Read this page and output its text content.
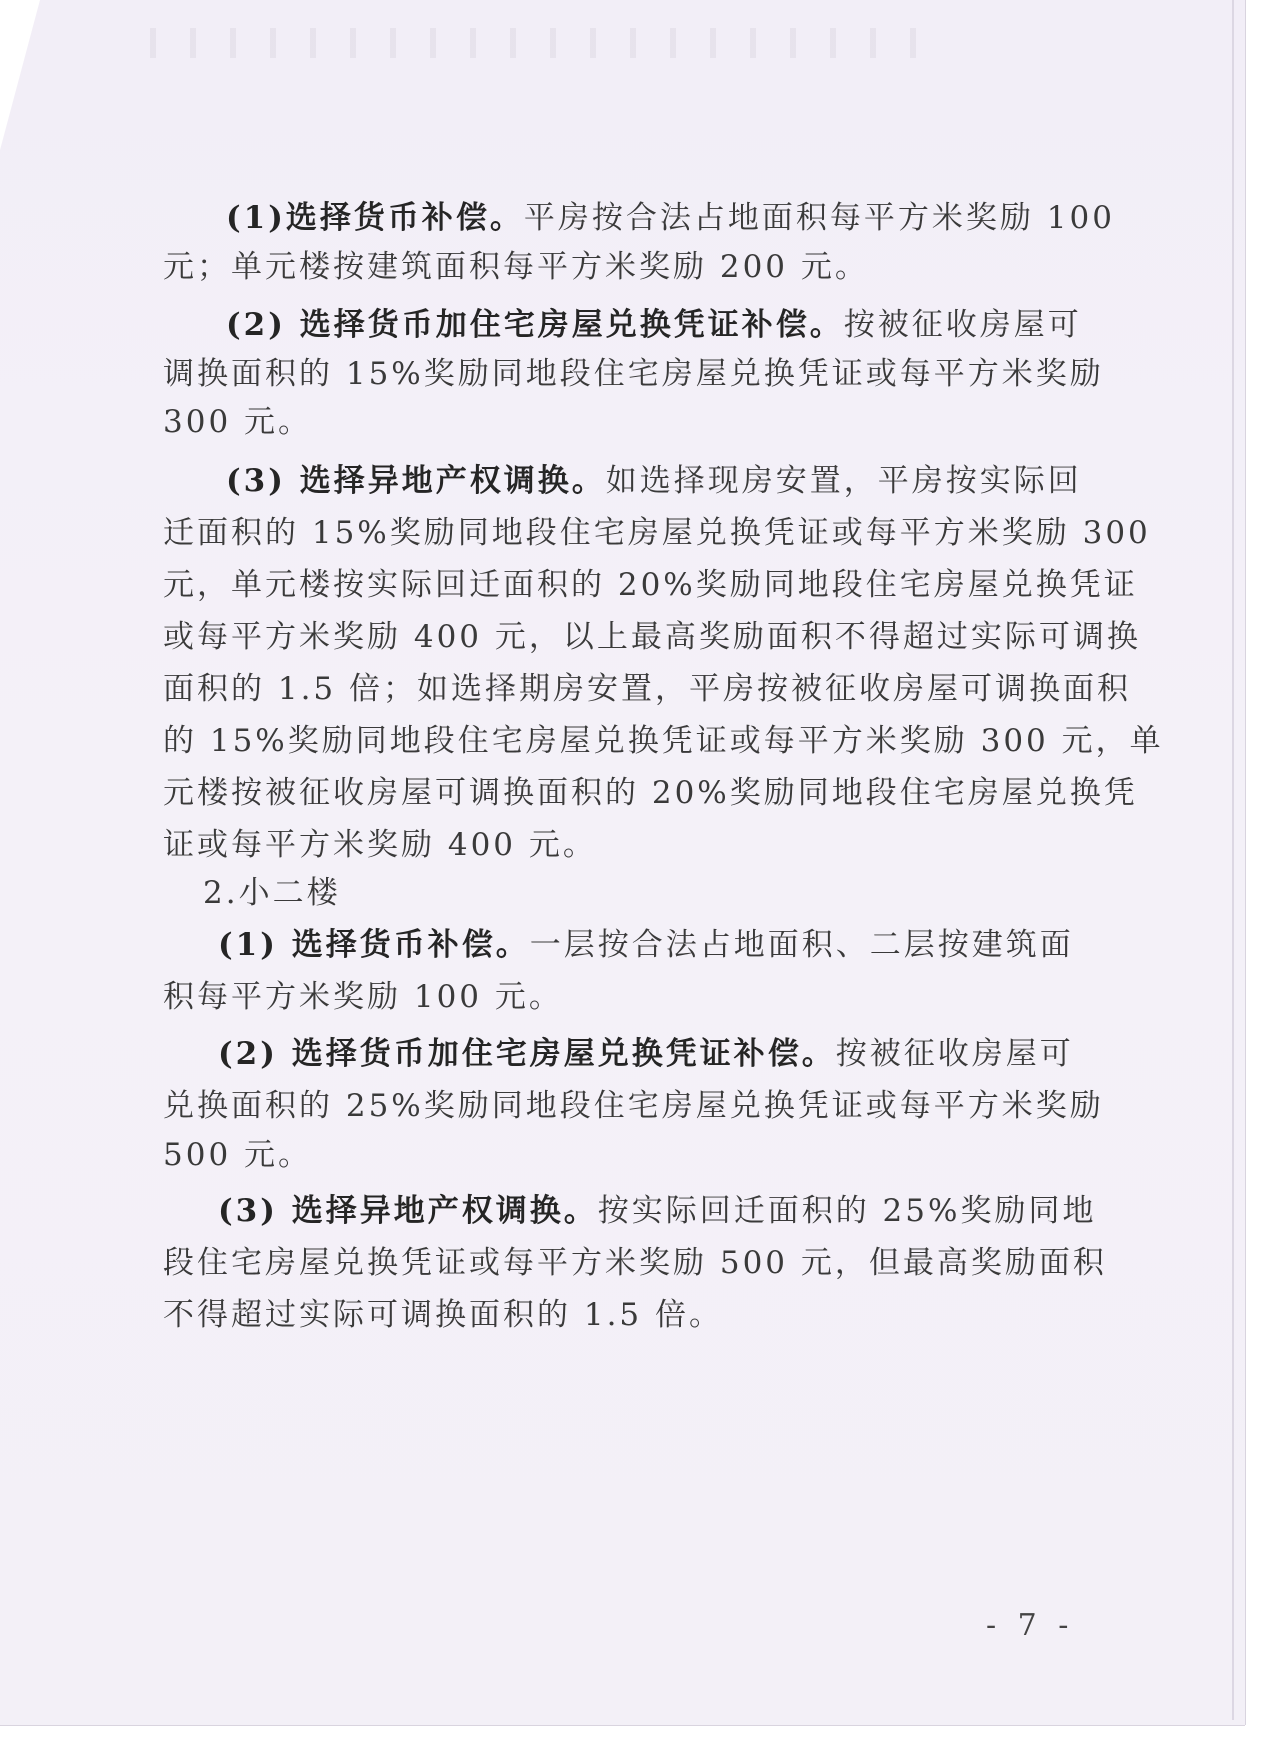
(1)选择货币补偿。平房按合法占地面积每平方米奖励 100
元；单元楼按建筑面积每平方米奖励 200 元。
(2) 选择货币加住宅房屋兑换凭证补偿。按被征收房屋可
调换面积的 15%奖励同地段住宅房屋兑换凭证或每平方米奖励
300 元。
(3) 选择异地产权调换。如选择现房安置，平房按实际回
迁面积的 15%奖励同地段住宅房屋兑换凭证或每平方米奖励 300
元，单元楼按实际回迁面积的 20%奖励同地段住宅房屋兑换凭证
或每平方米奖励 400 元，以上最高奖励面积不得超过实际可调换
面积的 1.5 倍；如选择期房安置，平房按被征收房屋可调换面积
的 15%奖励同地段住宅房屋兑换凭证或每平方米奖励 300 元，单
元楼按被征收房屋可调换面积的 20%奖励同地段住宅房屋兑换凭
证或每平方米奖励 400 元。
2.小二楼
(1) 选择货币补偿。一层按合法占地面积、二层按建筑面
积每平方米奖励 100 元。
(2) 选择货币加住宅房屋兑换凭证补偿。按被征收房屋可
兑换面积的 25%奖励同地段住宅房屋兑换凭证或每平方米奖励
500 元。
(3) 选择异地产权调换。按实际回迁面积的 25%奖励同地
段住宅房屋兑换凭证或每平方米奖励 500 元，但最高奖励面积
不得超过实际可调换面积的 1.5 倍。
- 7 -
